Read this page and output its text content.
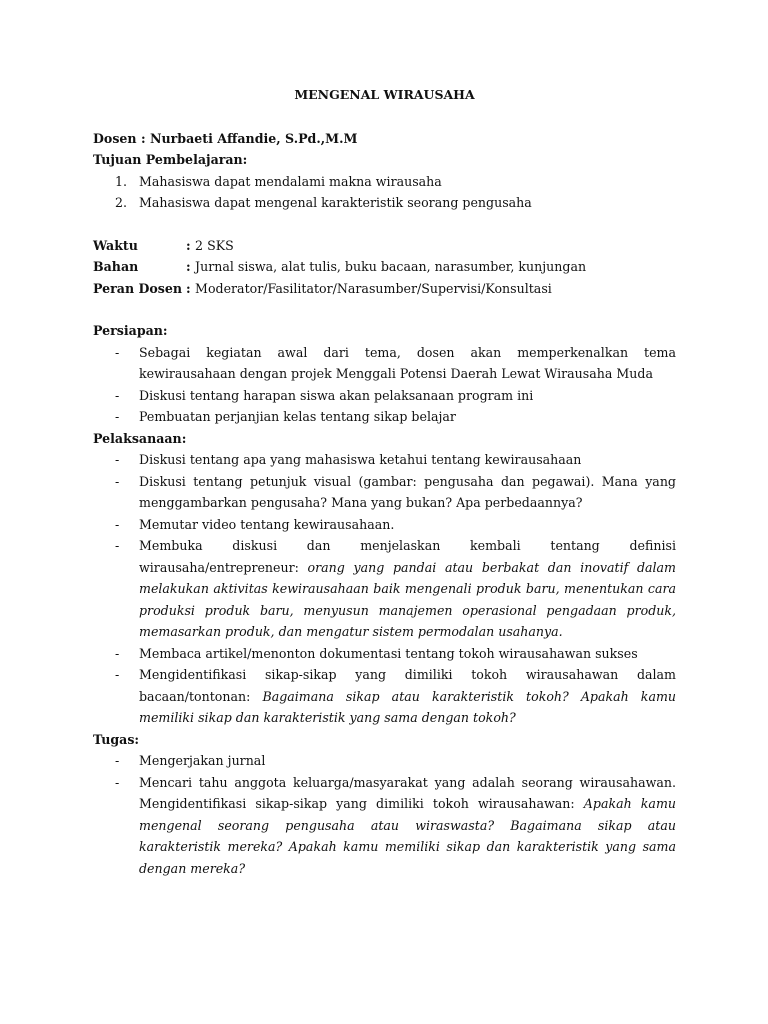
MENGENAL WIRAUSAHA
Dosen : Nurbaeti Affandie, S.Pd.,M.M
Tujuan Pembelajaran:
1. Mahasiswa dapat mendalami makna wirausaha
2. Mahasiswa dapat mengenal karakteristik seorang pengusaha
Waktu	: 2 SKS
Bahan	: Jurnal siswa, alat tulis, buku bacaan, narasumber, kunjungan
Peran Dosen : Moderator/Fasilitator/Narasumber/Supervisi/Konsultasi
Persiapan:
- Sebagai kegiatan awal dari tema, dosen akan memperkenalkan tema kewirausahaan dengan projek Menggali Potensi Daerah Lewat Wirausaha Muda
- Diskusi tentang harapan siswa akan pelaksanaan program ini
- Pembuatan perjanjian kelas tentang sikap belajar
Pelaksanaan:
- Diskusi tentang apa yang mahasiswa ketahui tentang kewirausahaan
- Diskusi tentang petunjuk visual (gambar: pengusaha dan pegawai). Mana yang menggambarkan pengusaha? Mana yang bukan? Apa perbedaannya?
- Memutar video tentang kewirausahaan.
- Membuka diskusi dan menjelaskan kembali tentang definisi wirausaha/entrepreneur: orang yang pandai atau berbakat dan inovatif dalam melakukan aktivitas kewirausahaan baik mengenali produk baru, menentukan cara produksi produk baru, menyusun manajemen operasional pengadaan produk, memasarkan produk, dan mengatur sistem permodalan usahanya.
- Membaca artikel/menonton dokumentasi tentang tokoh wirausahawan sukses
- Mengidentifikasi sikap-sikap yang dimiliki tokoh wirausahawan dalam bacaan/tontonan: Bagaimana sikap atau karakteristik tokoh? Apakah kamu memiliki sikap dan karakteristik yang sama dengan tokoh?
Tugas:
- Mengerjakan jurnal
- Mencari tahu anggota keluarga/masyarakat yang adalah seorang wirausahawan. Mengidentifikasi sikap-sikap yang dimiliki tokoh wirausahawan: Apakah kamu mengenal seorang pengusaha atau wiraswasta? Bagaimana sikap atau karakteristik mereka? Apakah kamu memiliki sikap dan karakteristik yang sama dengan mereka?
